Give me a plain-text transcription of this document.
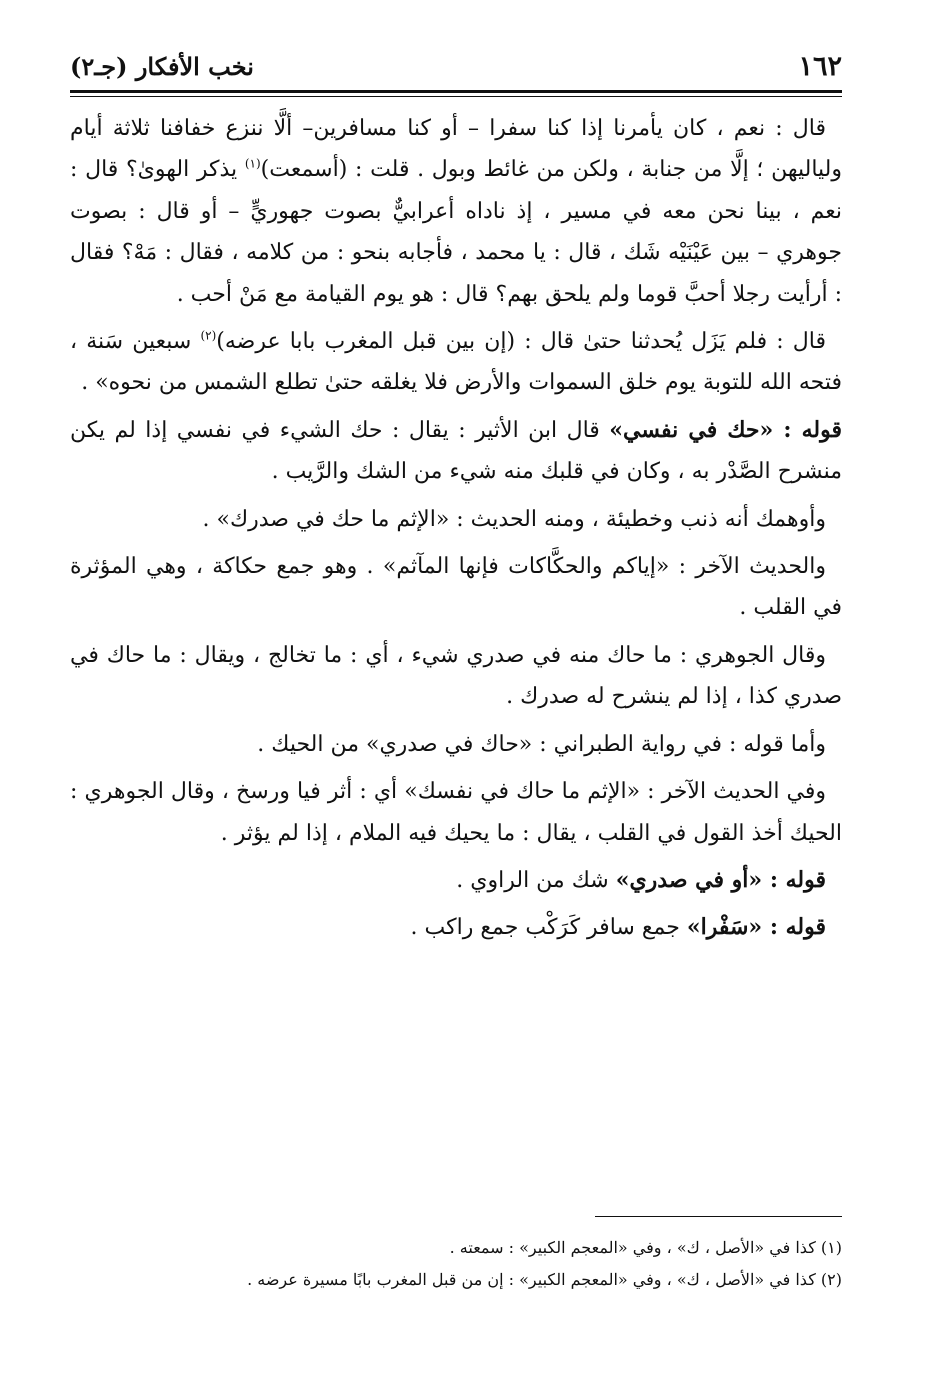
١٦٢
نخب الأفكار (جـ٢)

قال : نعم ، كان يأمرنا إذا كنا سفرا – أو كنا مسافرين– ألَّا ننزع خفافنا ثلاثة أيام ولياليهن ؛ إلَّا من جنابة ، ولكن من غائط وبول . قلت : (أسمعت)$^{(١)}$ يذكر الهوىٰ؟ قال : نعم ، بينا نحن معه في مسير ، إذ ناداه أعرابيٌّ بصوت جهوريٍّ – أو قال : بصوت جوهري – بين عَيْنَيْه شَك ، قال : يا محمد ، فأجابه بنحو : من كلامه ، فقال : مَهْ؟ فقال : أرأيت رجلا أحبَّ قوما ولم يلحق بهم؟ قال : هو يوم القيامة مع مَنْ أحب .

قال : فلم يَزَل يُحدثنا حتىٰ قال : (إن بين قبل المغرب بابا عرضه)$^{(٢)}$ سبعين سَنة ، فتحه الله للتوبة يوم خلق السموات والأرض فلا يغلقه حتىٰ تطلع الشمس من نحوه» .

قوله : «حك في نفسي» قال ابن الأثير : يقال : حك الشيء في نفسي إذا لم يكن منشرح الصَّدْر به ، وكان في قلبك منه شيء من الشك والرَّيب .

وأوهمك أنه ذنب وخطيئة ، ومنه الحديث : «الإثم ما حك في صدرك» .

والحديث الآخر : «إياكم والحكَّاكات فإنها المآثم» . وهو جمع حكاكة ، وهي المؤثرة في القلب .

وقال الجوهري : ما حاك منه في صدري شيء ، أي : ما تخالج ، ويقال : ما حاك في صدري كذا ، إذا لم ينشرح له صدرك .

وأما قوله : في رواية الطبراني : «حاك في صدري» من الحيك .

وفي الحديث الآخر : «الإثم ما حاك في نفسك» أي : أثر فيا ورسخ ، وقال الجوهري : الحيك أخذ القول في القلب ، يقال : ما يحيك فيه الملام ، إذا لم يؤثر .

قوله : «أو في صدري» شك من الراوي .

قوله : «سَفْرا» جمع سافر كَرَكْب جمع راكب .

(١) كذا في «الأصل ، ك» ، وفي «المعجم الكبير» : سمعته .

(٢) كذا في «الأصل ، ك» ، وفي «المعجم الكبير» : إن من قبل المغرب بابًا مسيرة عرضه .
